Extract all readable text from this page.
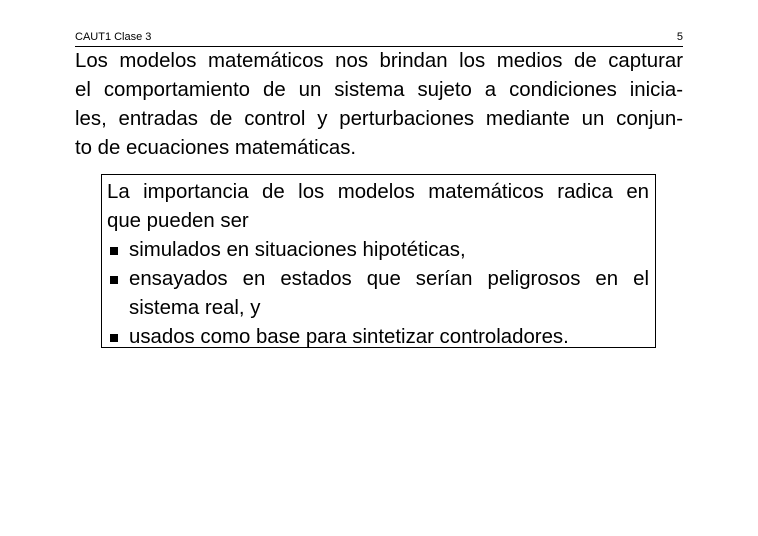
CAUT1 Clase 3	5

Los modelos matemáticos nos brindan los medios de capturar
el comportamiento de un sistema sujeto a condiciones inicia-
les, entradas de control y perturbaciones mediante un conjun-
to de ecuaciones matemáticas.

La importancia de los modelos matemáticos radica en
que pueden ser
simulados en situaciones hipotéticas,
ensayados en estados que serían peligrosos en el
sistema real, y
usados como base para sintetizar controladores.
